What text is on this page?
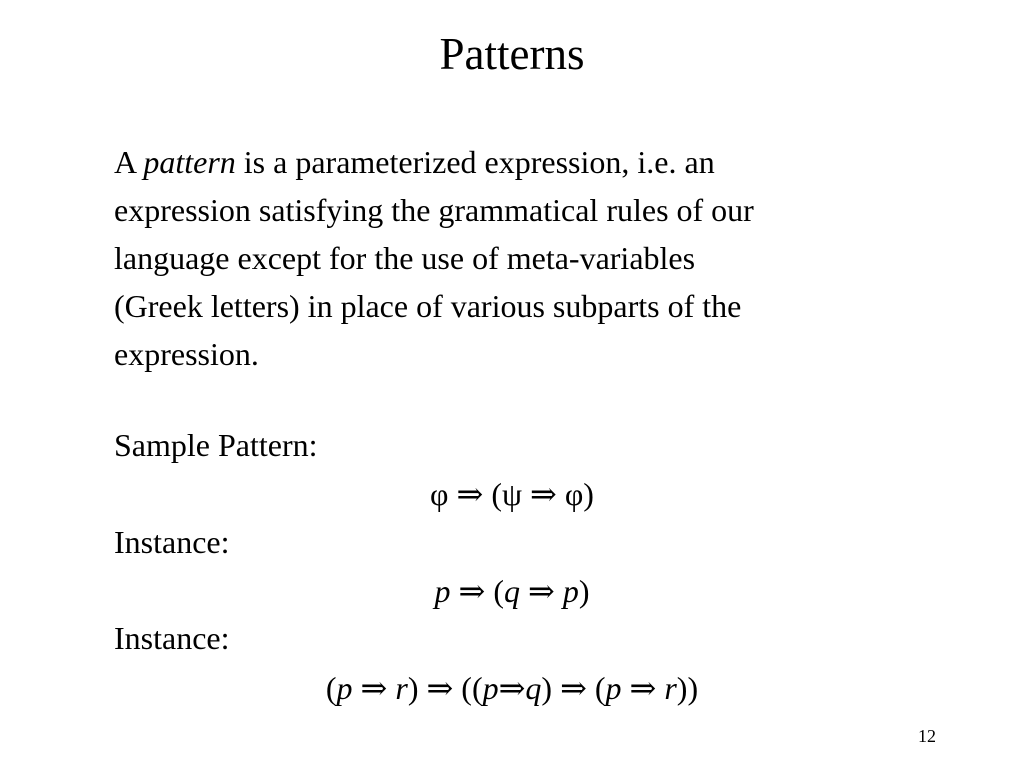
Patterns
A pattern is a parameterized expression, i.e. an
expression satisfying the grammatical rules of our
language except for the use of meta-variables
(Greek letters) in place of various subparts of the
expression.
Sample Pattern:
φ ⇒ (ψ ⇒ φ)
Instance:
p ⇒ (q ⇒ p)
Instance:
(p ⇒ r) ⇒ ((p⇒q) ⇒ (p ⇒ r))
12
